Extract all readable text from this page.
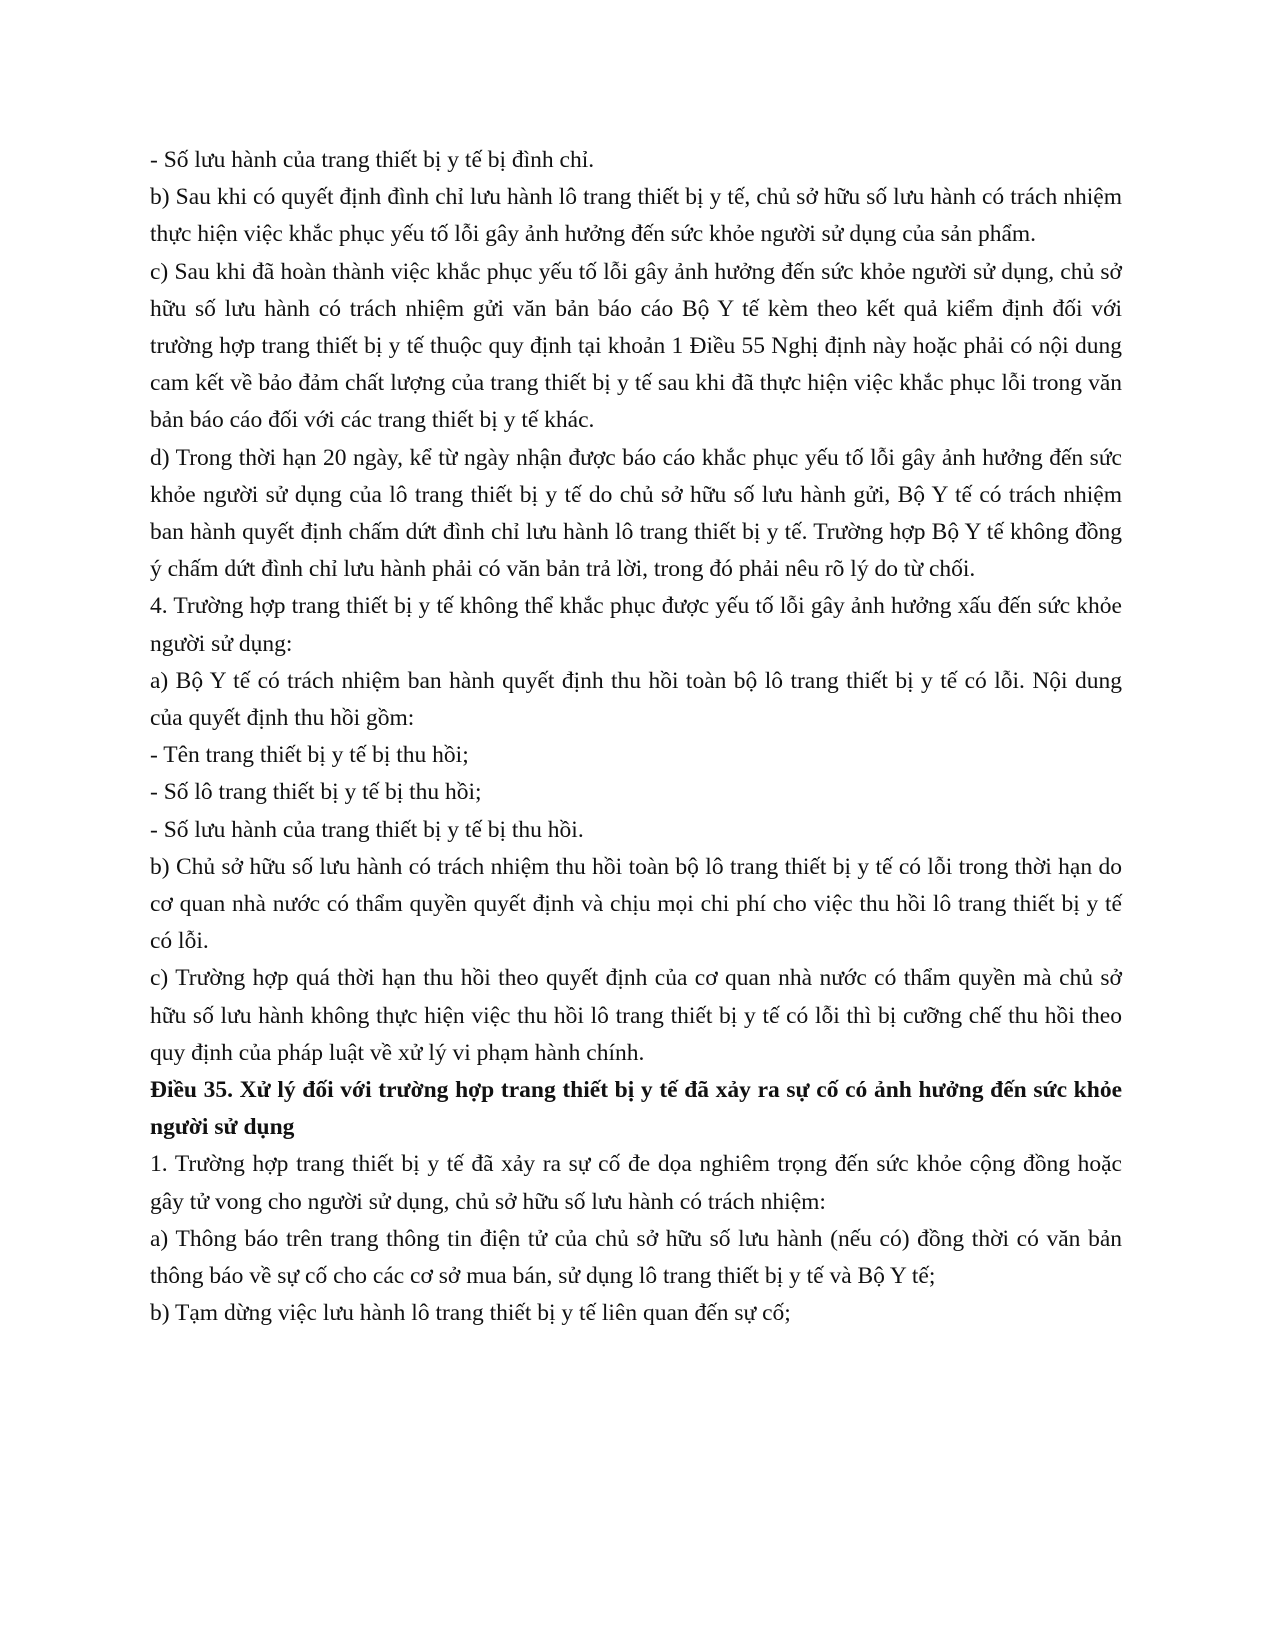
- Số lưu hành của trang thiết bị y tế bị đình chỉ.

b) Sau khi có quyết định đình chỉ lưu hành lô trang thiết bị y tế, chủ sở hữu số lưu hành có trách nhiệm thực hiện việc khắc phục yếu tố lỗi gây ảnh hưởng đến sức khỏe người sử dụng của sản phẩm.

c) Sau khi đã hoàn thành việc khắc phục yếu tố lỗi gây ảnh hưởng đến sức khỏe người sử dụng, chủ sở hữu số lưu hành có trách nhiệm gửi văn bản báo cáo Bộ Y tế kèm theo kết quả kiểm định đối với trường hợp trang thiết bị y tế thuộc quy định tại khoản 1 Điều 55 Nghị định này hoặc phải có nội dung cam kết về bảo đảm chất lượng của trang thiết bị y tế sau khi đã thực hiện việc khắc phục lỗi trong văn bản báo cáo đối với các trang thiết bị y tế khác.

d) Trong thời hạn 20 ngày, kể từ ngày nhận được báo cáo khắc phục yếu tố lỗi gây ảnh hưởng đến sức khỏe người sử dụng của lô trang thiết bị y tế do chủ sở hữu số lưu hành gửi, Bộ Y tế có trách nhiệm ban hành quyết định chấm dứt đình chỉ lưu hành lô trang thiết bị y tế. Trường hợp Bộ Y tế không đồng ý chấm dứt đình chỉ lưu hành phải có văn bản trả lời, trong đó phải nêu rõ lý do từ chối.

4. Trường hợp trang thiết bị y tế không thể khắc phục được yếu tố lỗi gây ảnh hưởng xấu đến sức khỏe người sử dụng:

a) Bộ Y tế có trách nhiệm ban hành quyết định thu hồi toàn bộ lô trang thiết bị y tế có lỗi. Nội dung của quyết định thu hồi gồm:

- Tên trang thiết bị y tế bị thu hồi;

- Số lô trang thiết bị y tế bị thu hồi;

- Số lưu hành của trang thiết bị y tế bị thu hồi.

b) Chủ sở hữu số lưu hành có trách nhiệm thu hồi toàn bộ lô trang thiết bị y tế có lỗi trong thời hạn do cơ quan nhà nước có thẩm quyền quyết định và chịu mọi chi phí cho việc thu hồi lô trang thiết bị y tế có lỗi.

c) Trường hợp quá thời hạn thu hồi theo quyết định của cơ quan nhà nước có thẩm quyền mà chủ sở hữu số lưu hành không thực hiện việc thu hồi lô trang thiết bị y tế có lỗi thì bị cưỡng chế thu hồi theo quy định của pháp luật về xử lý vi phạm hành chính.

Điều 35. Xử lý đối với trường hợp trang thiết bị y tế đã xảy ra sự cố có ảnh hưởng đến sức khỏe người sử dụng

1. Trường hợp trang thiết bị y tế đã xảy ra sự cố đe dọa nghiêm trọng đến sức khỏe cộng đồng hoặc gây tử vong cho người sử dụng, chủ sở hữu số lưu hành có trách nhiệm:

a) Thông báo trên trang thông tin điện tử của chủ sở hữu số lưu hành (nếu có) đồng thời có văn bản thông báo về sự cố cho các cơ sở mua bán, sử dụng lô trang thiết bị y tế và Bộ Y tế;

b) Tạm dừng việc lưu hành lô trang thiết bị y tế liên quan đến sự cố;
